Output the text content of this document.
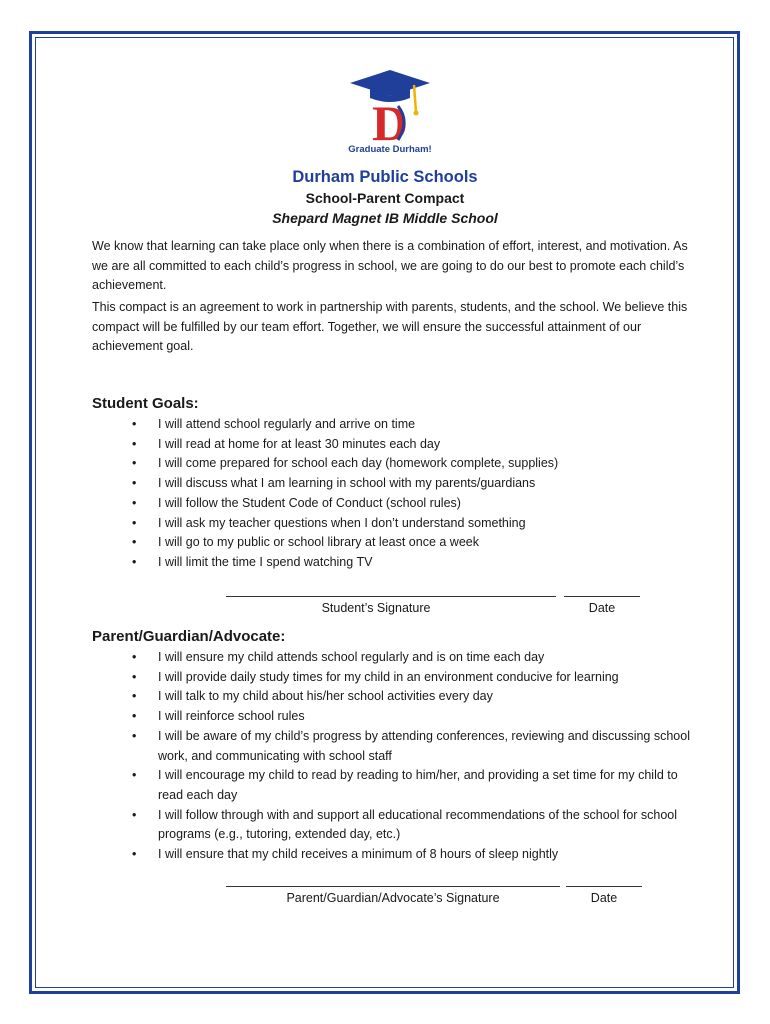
D
Graduate Durham!
Durham Public Schools
School-Parent Compact
Shepard Magnet IB Middle School
We know that learning can take place only when there is a combination of effort, interest, and motivation. As we are all committed to each child’s progress in school, we are going to do our best to promote each child’s achievement.
This compact is an agreement to work in partnership with parents, students, and the school. We believe this compact will be fulfilled by our team effort. Together, we will ensure the successful attainment of our achievement goal.
Student Goals:
• I will attend school regularly and arrive on time
• I will read at home for at least 30 minutes each day
• I will come prepared for school each day (homework complete, supplies)
• I will discuss what I am learning in school with my parents/guardians
• I will follow the Student Code of Conduct (school rules)
• I will ask my teacher questions when I don’t understand something
• I will go to my public or school library at least once a week
• I will limit the time I spend watching TV
Student’s Signature	Date
Parent/Guardian/Advocate:
• I will ensure my child attends school regularly and is on time each day
• I will provide daily study times for my child in an environment conducive for learning
• I will talk to my child about his/her school activities every day
• I will reinforce school rules
• I will be aware of my child’s progress by attending conferences, reviewing and discussing school work, and communicating with school staff
• I will encourage my child to read by reading to him/her, and providing a set time for my child to read each day
• I will follow through with and support all educational recommendations of the school for school programs (e.g., tutoring, extended day, etc.)
• I will ensure that my child receives a minimum of 8 hours of sleep nightly
Parent/Guardian/Advocate’s Signature	Date
